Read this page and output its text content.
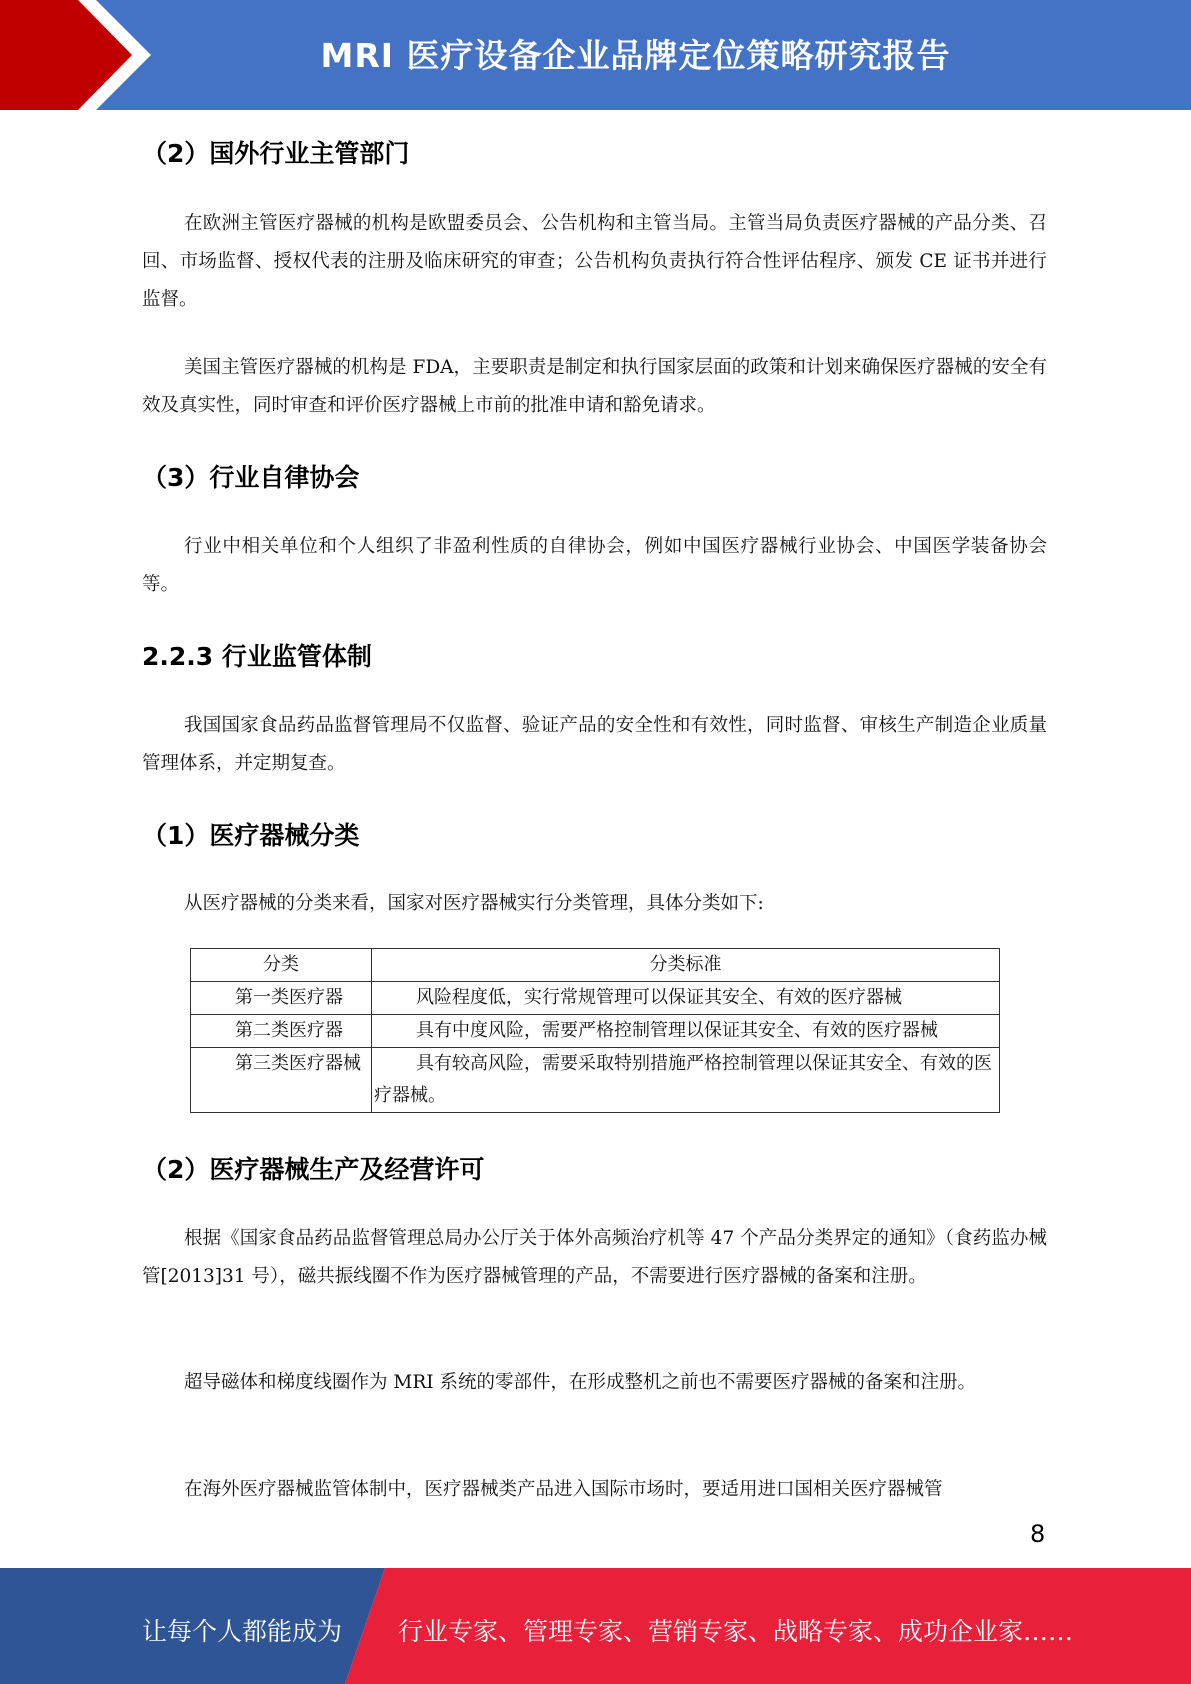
MRI 医疗设备企业品牌定位策略研究报告
（2）国外行业主管部门

在欧洲主管医疗器械的机构是欧盟委员会、公告机构和主管当局。主管当局负责医疗器械的产品分类、召回、市场监督、授权代表的注册及临床研究的审查；公告机构负责执行符合性评估程序、颁发 CE 证书并进行监督。

美国主管医疗器械的机构是 FDA，主要职责是制定和执行国家层面的政策和计划来确保医疗器械的安全有效及真实性，同时审查和评价医疗器械上市前的批准申请和豁免请求。

（3）行业自律协会

行业中相关单位和个人组织了非盈利性质的自律协会，例如中国医疗器械行业协会、中国医学装备协会等。

2.2.3 行业监管体制

我国国家食品药品监督管理局不仅监督、验证产品的安全性和有效性，同时监督、审核生产制造企业质量管理体系，并定期复查。

（1）医疗器械分类

从医疗器械的分类来看，国家对医疗器械实行分类管理，具体分类如下:

分类	分类标准
第一类医疗器	风险程度低，实行常规管理可以保证其安全、有效的医疗器械
第二类医疗器	具有中度风险，需要严格控制管理以保证其安全、有效的医疗器械
第三类医疗器械	具有较高风险，需要采取特别措施严格控制管理以保证其安全、有效的医疗器械。
（2）医疗器械生产及经营许可

根据《国家食品药品监督管理总局办公厅关于体外高频治疗机等 47 个产品分类界定的通知》（食药监办械管[2013]31 号），磁共振线圈不作为医疗器械管理的产品，不需要进行医疗器械的备案和注册。

超导磁体和梯度线圈作为 MRI 系统的零部件，在形成整机之前也不需要医疗器械的备案和注册。

在海外医疗器械监管体制中，医疗器械类产品进入国际市场时，要适用进口国相关医疗器械管

8
让每个人都能成为 行业专家、管理专家、营销专家、战略专家、成功企业家……
